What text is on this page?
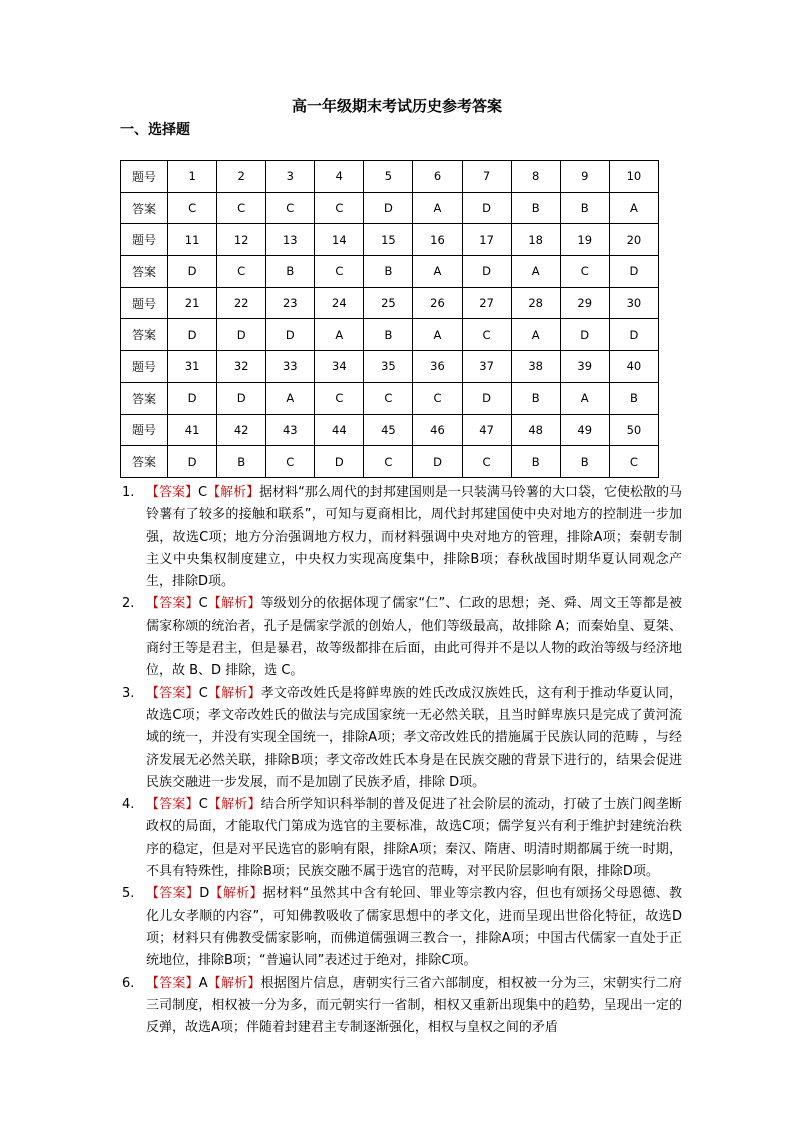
高一年级期末考试历史参考答案
一、选择题
题号	1	2	3	4	5	6	7	8	9	10
答案	C	C	C	C	D	A	D	B	B	A
题号	11	12	13	14	15	16	17	18	19	20
答案	D	C	B	C	B	A	D	A	C	D
题号	21	22	23	24	25	26	27	28	29	30
答案	D	D	D	A	B	A	C	A	D	D
题号	31	32	33	34	35	36	37	38	39	40
答案	D	D	A	C	C	C	D	B	A	B
题号	41	42	43	44	45	46	47	48	49	50
答案	D	B	C	D	C	D	C	B	B	C
1. 【答案】C【解析】据材料“那么周代的封邦建国则是一只装满马铃薯的大口袋，它使松散的马铃薯有了较多的接触和联系”，可知与夏商相比，周代封邦建国使中央对地方的控制进一步加强，故选C项；地方分治强调地方权力，而材料强调中央对地方的管理，排除A项；秦朝专制主义中央集权制度建立，中央权力实现高度集中，排除B项；春秋战国时期华夏认同观念产生，排除D项。
2. 【答案】C【解析】等级划分的依据体现了儒家“仁”、仁政的思想；尧、舜、周文王等都是被儒家称颂的统治者，孔子是儒家学派的创始人，他们等级最高，故排除 A；而秦始皇、夏桀、商纣王等是君主，但是暴君，故等级都排在后面，由此可得并不是以人物的政治等级与经济地位，故 B、D 排除，选 C。
3. 【答案】C【解析】孝文帝改姓氏是将鲜卑族的姓氏改成汉族姓氏，这有利于推动华夏认同，故选C项；孝文帝改姓氏的做法与完成国家统一无必然关联，且当时鲜卑族只是完成了黄河流域的统一，并没有实现全国统一，排除A项；孝文帝改姓氏的措施属于民族认同的范畴 ，与经济发展无必然关联，排除B项；孝文帝改姓氏本身是在民族交融的背景下进行的，结果会促进民族交融进一步发展，而不是加剧了民族矛盾，排除 D项。
4. 【答案】C【解析】结合所学知识科举制的普及促进了社会阶层的流动，打破了士族门阀垄断政权的局面，才能取代门第成为选官的主要标准，故选C项；儒学复兴有利于维护封建统治秩序的稳定，但是对平民选官的影响有限，排除A项；秦汉、隋唐、明清时期都属于统一时期，不具有特殊性，排除B项；民族交融不属于选官的范畴，对平民阶层影响有限，排除D项。
5. 【答案】D【解析】据材料“虽然其中含有轮回、罪业等宗教内容，但也有颂扬父母恩德、教化儿女孝顺的内容”，可知佛教吸收了儒家思想中的孝文化，进而呈现出世俗化特征，故选D项；材料只有佛教受儒家影响，而佛道儒强调三教合一，排除A项；中国古代儒家一直处于正统地位，排除B项；“普遍认同”表述过于绝对，排除C项。
6. 【答案】A【解析】根据图片信息，唐朝实行三省六部制度，相权被一分为三，宋朝实行二府三司制度，相权被一分为多，而元朝实行一省制，相权又重新出现集中的趋势，呈现出一定的反弹，故选A项；伴随着封建君主专制逐渐强化，相权与皇权之间的矛盾
